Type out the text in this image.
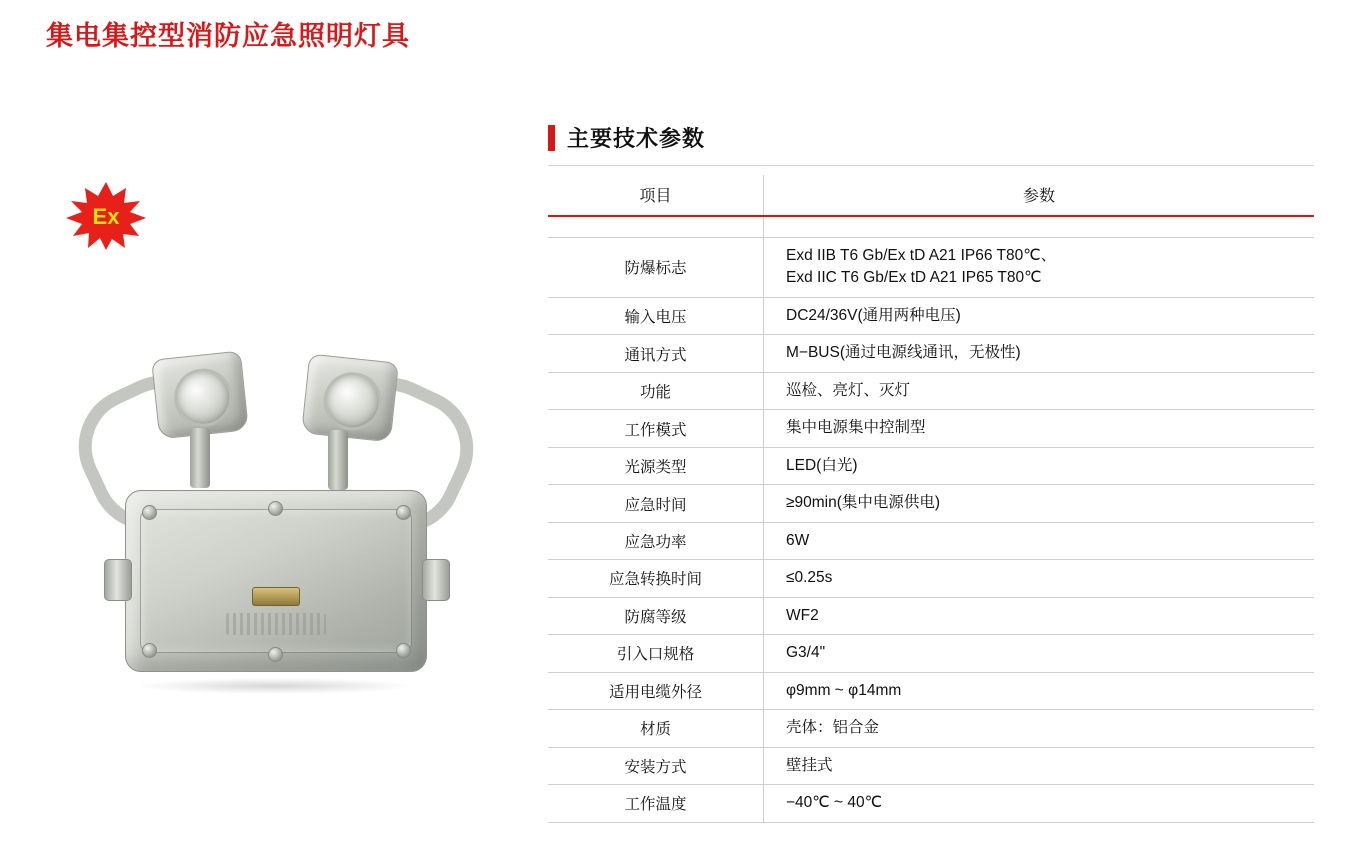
集电集控型消防应急照明灯具
Ex
主要技术参数
项目	参数

防爆标志	Exd IIB T6 Gb/Ex tD A21 IP66 T80℃、
Exd IIC T6 Gb/Ex tD A21 IP65 T80℃

输入电压	DC24/36V(通用两种电压)
通讯方式	M−BUS(通过电源线通讯，无极性)
功能	巡检、亮灯、灭灯
工作模式	集中电源集中控制型
光源类型	LED(白光)
应急时间	≥90min(集中电源供电)
应急功率	6W
应急转换时间	≤0.25s
防腐等级	WF2
引入口规格	G3/4"
适用电缆外径	φ9mm ~ φ14mm
材质	壳体：铝合金
安装方式	壁挂式
工作温度	−40℃ ~ 40℃
